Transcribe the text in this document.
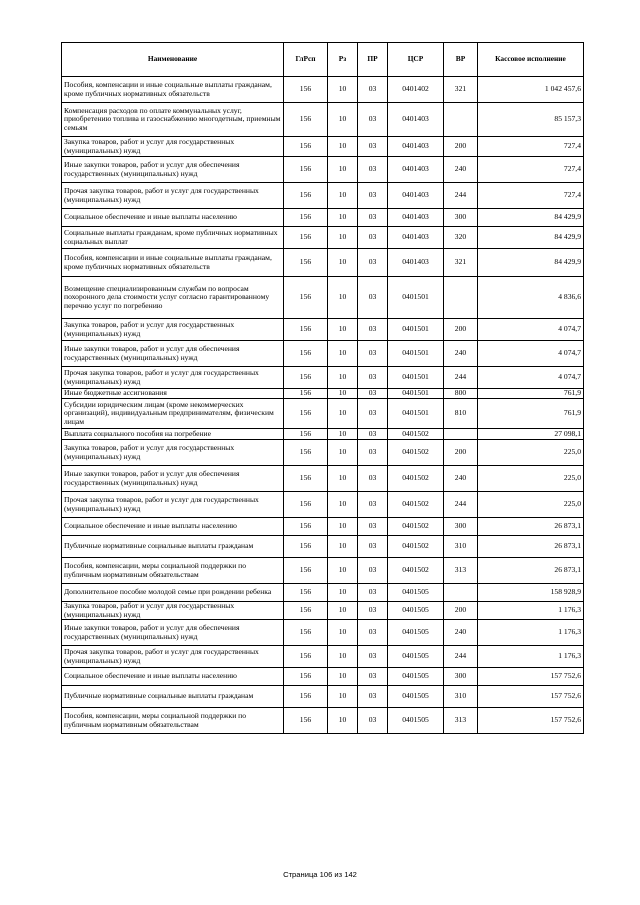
Наименование	ГлРсп	Рз	ПР	ЦСР	ВР	Кассовое исполнение
Пособия, компенсации и иные социальные выплаты гражданам, кроме публичных нормативных обязательств	156	10	03	0401402	321	1 042 457,6
Компенсация расходов по оплате коммунальных услуг, приобретению топлива и газоснабжению многодетным, приемным семьям	156	10	03	0401403		85 157,3
Закупка товаров, работ и услуг для государственных (муниципальных) нужд	156	10	03	0401403	200	727,4
Иные закупки товаров, работ и услуг для обеспечения государственных (муниципальных) нужд	156	10	03	0401403	240	727,4
Прочая закупка товаров, работ и услуг для государственных (муниципальных) нужд	156	10	03	0401403	244	727,4
Социальное обеспечение и иные выплаты населению	156	10	03	0401403	300	84 429,9
Социальные выплаты гражданам, кроме публичных нормативных социальных выплат	156	10	03	0401403	320	84 429,9
Пособия, компенсации и иные социальные выплаты гражданам, кроме публичных нормативных обязательств	156	10	03	0401403	321	84 429,9
Возмещение специализированным службам по вопросам похоронного дела стоимости услуг согласно гарантированному перечню услуг по погребению	156	10	03	0401501		4 836,6
Закупка товаров, работ и услуг для государственных (муниципальных) нужд	156	10	03	0401501	200	4 074,7
Иные закупки товаров, работ и услуг для обеспечения государственных (муниципальных) нужд	156	10	03	0401501	240	4 074,7
Прочая закупка товаров, работ и услуг для государственных (муниципальных) нужд	156	10	03	0401501	244	4 074,7
Иные бюджетные ассигнования	156	10	03	0401501	800	761,9
Субсидии юридическим лицам (кроме некоммерческих организаций), индивидуальным предпринимателям, физическим лицам	156	10	03	0401501	810	761,9
Выплата социального пособия на погребение	156	10	03	0401502		27 098,1
Закупка товаров, работ и услуг для государственных (муниципальных) нужд	156	10	03	0401502	200	225,0
Иные закупки товаров, работ и услуг для обеспечения государственных (муниципальных) нужд	156	10	03	0401502	240	225,0
Прочая закупка товаров, работ и услуг для государственных (муниципальных) нужд	156	10	03	0401502	244	225,0
Социальное обеспечение и иные выплаты населению	156	10	03	0401502	300	26 873,1
Публичные нормативные социальные выплаты гражданам	156	10	03	0401502	310	26 873,1
Пособия, компенсации, меры социальной поддержки по публичным нормативным обязательствам	156	10	03	0401502	313	26 873,1
Дополнительное пособие молодой семье при рождении ребенка	156	10	03	0401505		158 928,9
Закупка товаров, работ и услуг для государственных (муниципальных) нужд	156	10	03	0401505	200	1 176,3
Иные закупки товаров, работ и услуг для обеспечения государственных (муниципальных) нужд	156	10	03	0401505	240	1 176,3
Прочая закупка товаров, работ и услуг для государственных (муниципальных) нужд	156	10	03	0401505	244	1 176,3
Социальное обеспечение и иные выплаты населению	156	10	03	0401505	300	157 752,6
Публичные нормативные социальные выплаты гражданам	156	10	03	0401505	310	157 752,6
Пособия, компенсации, меры социальной поддержки по публичным нормативным обязательствам	156	10	03	0401505	313	157 752,6
Страница 106 из 142
